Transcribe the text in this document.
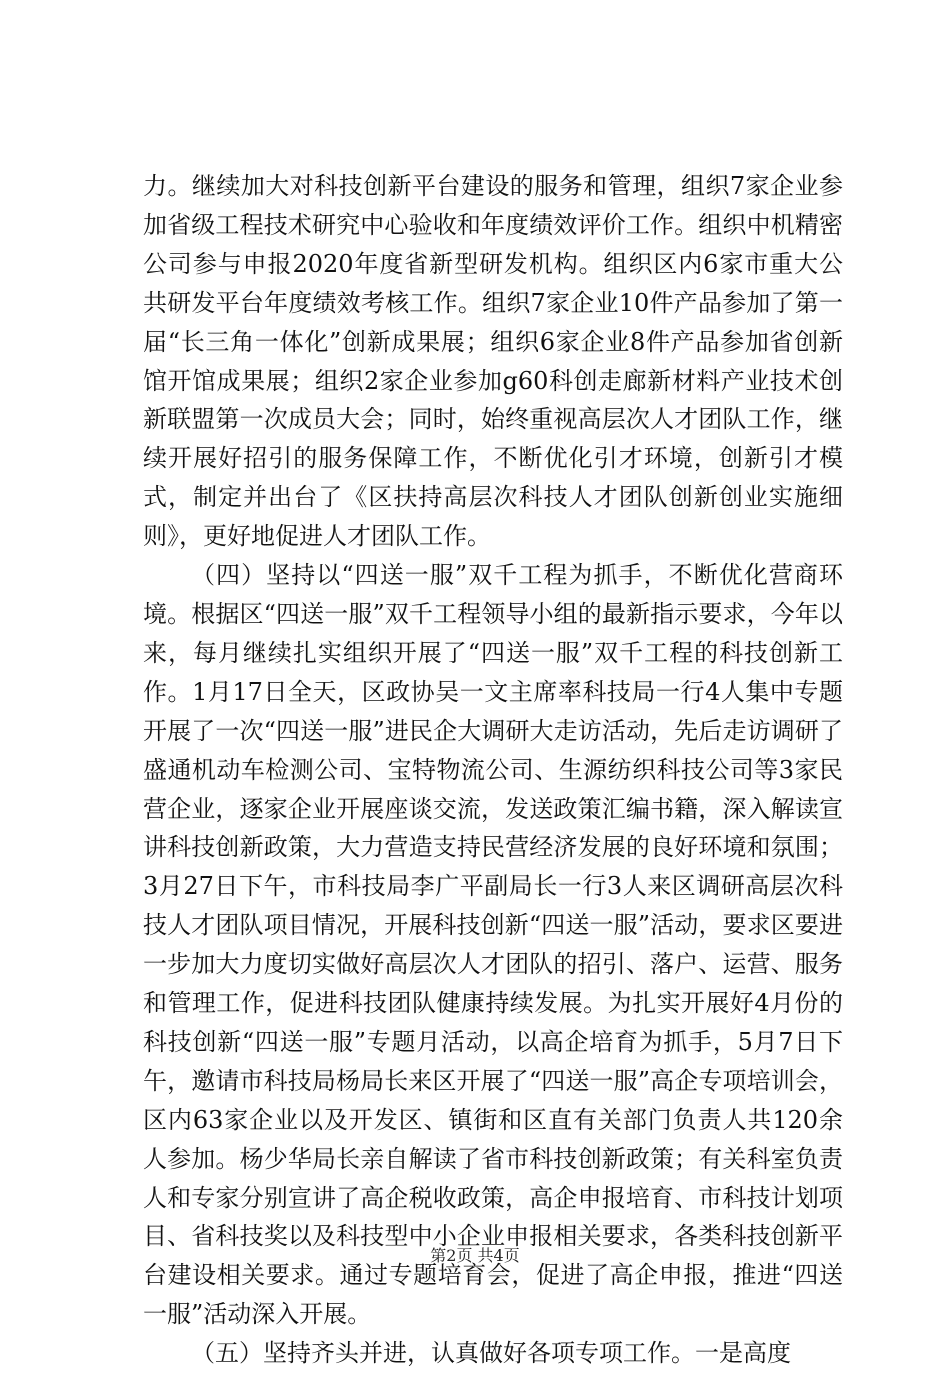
力。继续加大对科技创新平台建设的服务和管理，组织7家企业参加省级工程技术研究中心验收和年度绩效评价工作。组织中机精密公司参与申报2020年度省新型研发机构。组织区内6家市重大公共研发平台年度绩效考核工作。组织7家企业10件产品参加了第一届“长三角一体化”创新成果展；组织6家企业8件产品参加省创新馆开馆成果展；组织2家企业参加g60科创走廊新材料产业技术创新联盟第一次成员大会；同时，始终重视高层次人才团队工作，继续开展好招引的服务保障工作，不断优化引才环境，创新引才模式，制定并出台了《区扶持高层次科技人才团队创新创业实施细则》，更好地促进人才团队工作。

（四）坚持以“四送一服”双千工程为抓手，不断优化营商环境。根据区“四送一服”双千工程领导小组的最新指示要求，今年以来，每月继续扎实组织开展了“四送一服”双千工程的科技创新工作。1月17日全天，区政协吴一文主席率科技局一行4人集中专题开展了一次“四送一服”进民企大调研大走访活动，先后走访调研了盛通机动车检测公司、宝特物流公司、生源纺织科技公司等3家民营企业，逐家企业开展座谈交流，发送政策汇编书籍，深入解读宣讲科技创新政策，大力营造支持民营经济发展的良好环境和氛围；3月27日下午，市科技局李广平副局长一行3人来区调研高层次科技人才团队项目情况，开展科技创新“四送一服”活动，要求区要进一步加大力度切实做好高层次人才团队的招引、落户、运营、服务和管理工作，促进科技团队健康持续发展。为扎实开展好4月份的科技创新“四送一服”专题月活动，以高企培育为抓手，5月7日下午，邀请市科技局杨局长来区开展了“四送一服”高企专项培训会，区内63家企业以及开发区、镇街和区直有关部门负责人共120余人参加。杨少华局长亲自解读了省市科技创新政策；有关科室负责人和专家分别宣讲了高企税收政策，高企申报培育、市科技计划项目、省科技奖以及科技型中小企业申报相关要求，各类科技创新平台建设相关要求。通过专题培育会，促进了高企申报，推进“四送一服”活动深入开展。

（五）坚持齐头并进，认真做好各项专项工作。一是高度

第2页 共4页
